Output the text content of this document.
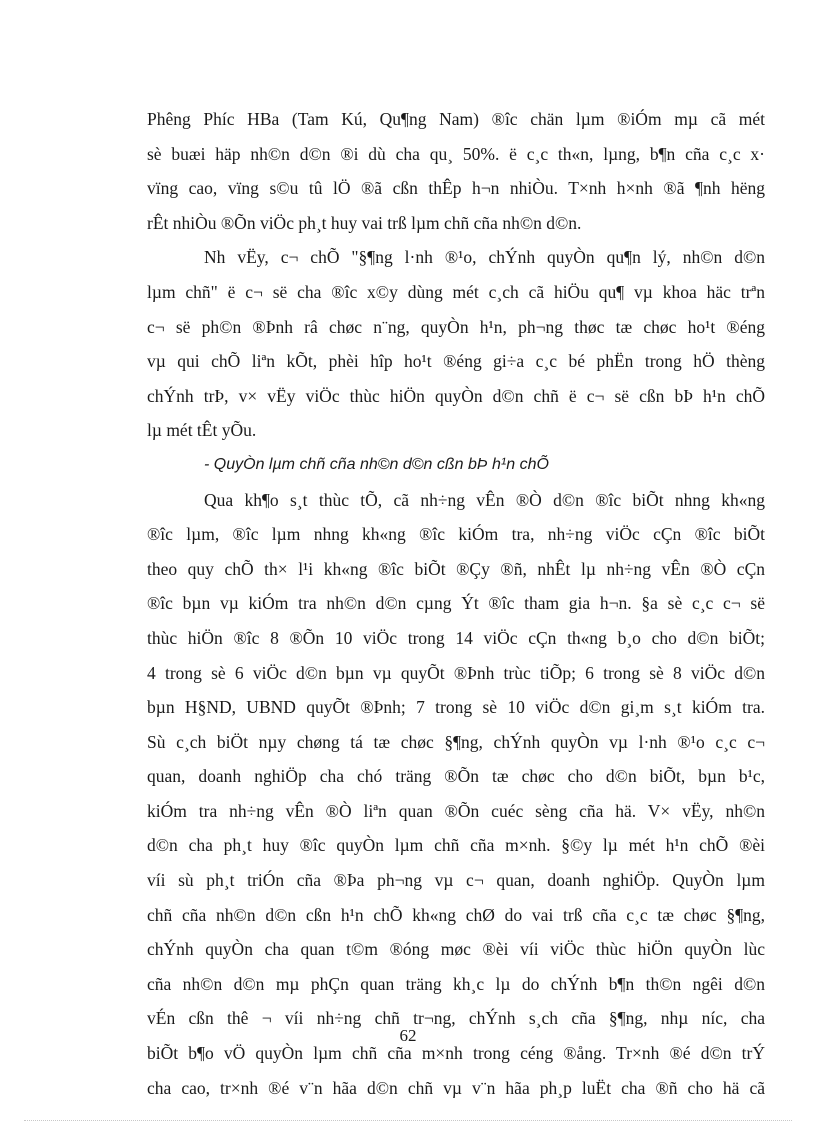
Phêng Phíc HBa (Tam Kú, Qu¶ng Nam) ®îc chän lµm ®iÓm mµ cã mét
sè buæi häp nh©n d©n ®i dù cha qu¸ 50%. ë c¸c th«n, lµng, b¶n cña c¸c x·
vïng cao, vïng s©u tû lÖ ®ã cßn thÊp h¬n nhiÒu. T×nh h×nh ®ã ¶nh hëng
rÊt nhiÒu ®Õn viÖc ph¸t huy vai trß lµm chñ cña nh©n d©n.

Nh vËy, c¬ chÕ "§¶ng l·nh ®¹o, chÝnh quyÒn qu¶n lý, nh©n d©n
lµm chñ" ë c¬ së cha ®îc x©y dùng mét c¸ch cã hiÖu qu¶ vµ khoa häc trªn
c¬ së ph©n ®Þnh râ chøc n¨ng, quyÒn h¹n, ph¬ng thøc tæ chøc ho¹t ®éng
vµ qui chÕ liªn kÕt, phèi hîp ho¹t ®éng gi÷a c¸c bé phËn trong hÖ thèng
chÝnh trÞ, v× vËy viÖc thùc hiÖn quyÒn d©n chñ ë c¬ së cßn bÞ h¹n chÕ
lµ mét tÊt yÕu.

- QuyÒn lµm chñ cña nh©n d©n cßn bÞ h¹n chÕ

Qua kh¶o s¸t thùc tÕ, cã nh÷ng vÊn ®Ò d©n ®îc biÕt nhng kh«ng
®îc lµm, ®îc lµm nhng kh«ng ®îc kiÓm tra, nh÷ng viÖc cÇn ®îc biÕt
theo quy chÕ th× l¹i kh«ng ®îc biÕt ®Çy ®ñ, nhÊt lµ nh÷ng vÊn ®Ò cÇn
®îc bµn vµ kiÓm tra nh©n d©n cµng Ýt ®îc tham gia h¬n. §a sè c¸c c¬ së
thùc hiÖn ®îc 8 ®Õn 10 viÖc trong 14 viÖc cÇn th«ng b¸o cho d©n biÕt;
4 trong sè 6 viÖc d©n bµn vµ quyÕt ®Þnh trùc tiÕp; 6 trong sè 8 viÖc d©n
bµn H§ND, UBND quyÕt ®Þnh; 7 trong sè 10 viÖc d©n gi¸m s¸t kiÓm tra.
Sù c¸ch biÖt nµy chøng tá tæ chøc §¶ng, chÝnh quyÒn vµ l·nh ®¹o c¸c c¬
quan, doanh nghiÖp cha chó träng ®Õn tæ chøc cho d©n biÕt, bµn b¹c,
kiÓm tra nh÷ng vÊn ®Ò liªn quan ®Õn cuéc sèng cña hä. V× vËy, nh©n
d©n cha ph¸t huy ®îc quyÒn lµm chñ cña m×nh. §©y lµ mét h¹n chÕ ®èi
víi sù ph¸t triÓn cña ®Þa ph¬ng vµ c¬ quan, doanh nghiÖp. QuyÒn lµm
chñ cña nh©n d©n cßn h¹n chÕ kh«ng chØ do vai trß cña c¸c tæ chøc §¶ng,
chÝnh quyÒn cha quan t©m ®óng møc ®èi víi viÖc thùc hiÖn quyÒn lùc
cña nh©n d©n mµ phÇn quan träng kh¸c lµ do chÝnh b¶n th©n ngêi d©n
vÉn cßn thê ¬ víi nh÷ng chñ tr¬ng, chÝnh s¸ch cña §¶ng, nhµ níc, cha
biÕt b¶o vÖ quyÒn lµm chñ cña m×nh trong céng ®ång. Tr×nh ®é d©n trÝ
cha cao, tr×nh ®é v¨n hãa d©n chñ vµ v¨n hãa ph¸p luËt cha ®ñ cho hä cã

62
